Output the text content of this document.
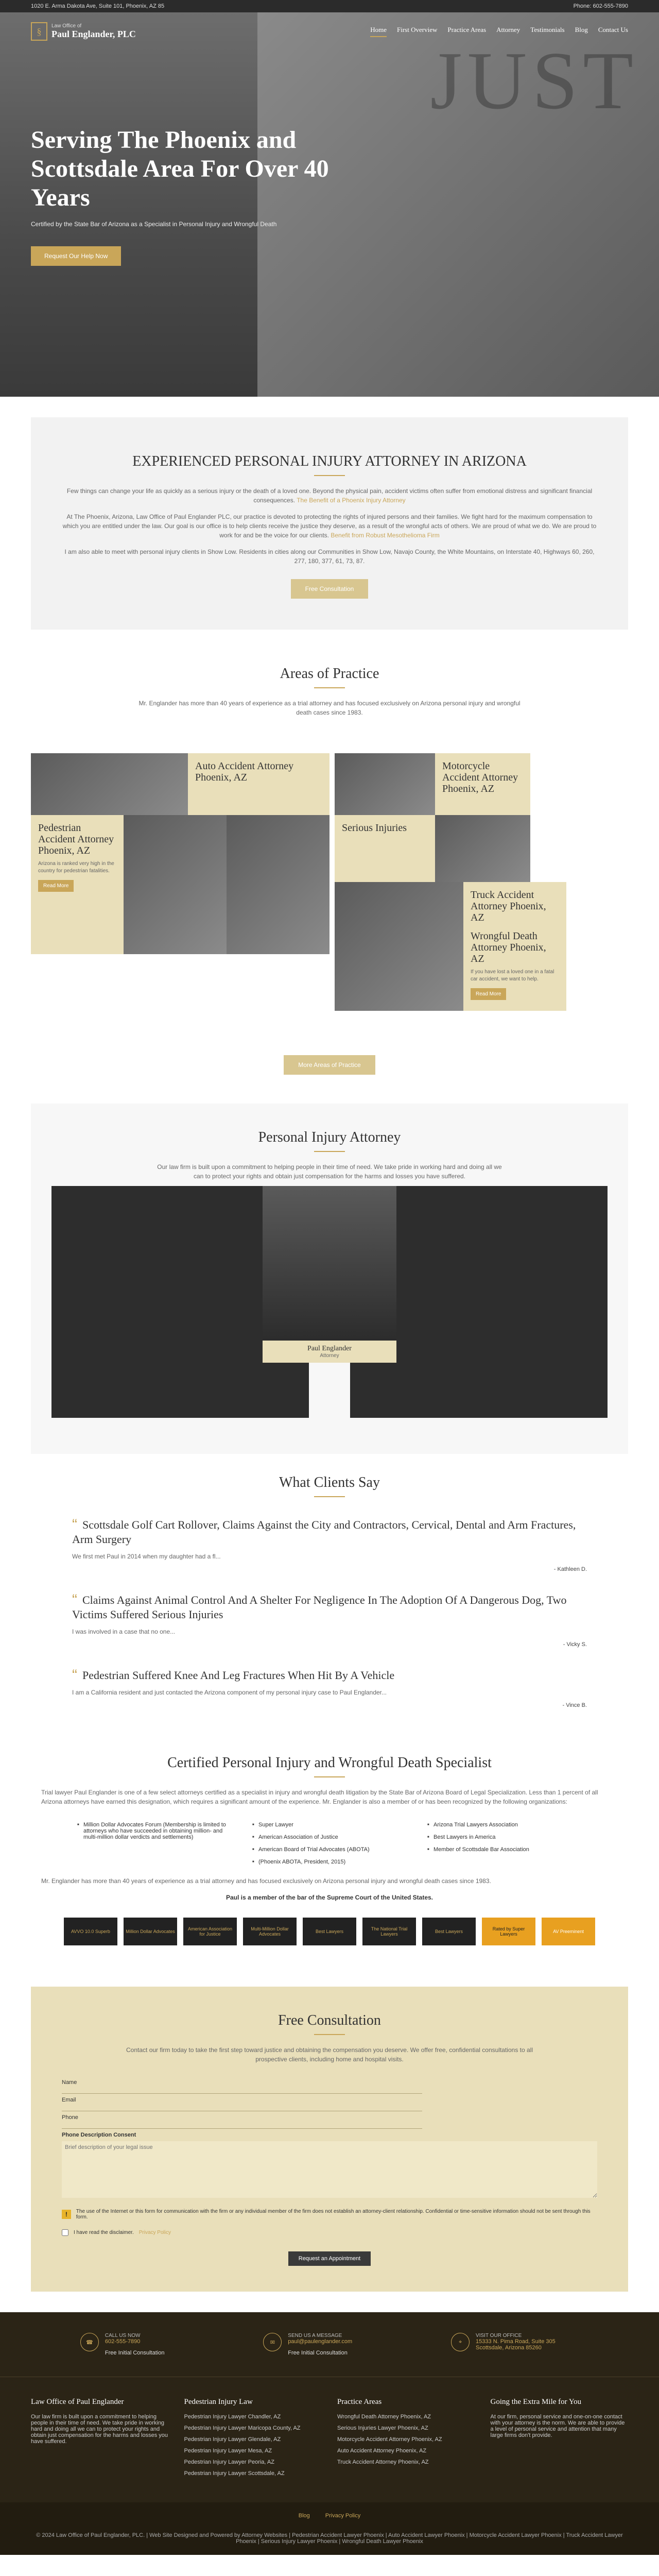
1020 E. Arma Dakota Ave, Suite 101, Phoenix, AZ 85	Phone: 602-555-7890
JUST
§	Law Office of
Paul Englander, PLC	Home First Overview Practice Areas Attorney Testimonials Blog Contact Us
Serving The Phoenix and Scottsdale Area For Over 40 Years

Certified by the State Bar of Arizona as a Specialist in Personal Injury and Wrongful Death

Request Our Help Now
EXPERIENCED PERSONAL INJURY ATTORNEY IN ARIZONA

Few things can change your life as quickly as a serious injury or the death of a loved one. Beyond the physical pain, accident victims often suffer from emotional distress and significant financial consequences. The Benefit of a Phoenix Injury Attorney

At The Phoenix, Arizona, Law Office of Paul Englander PLC, our practice is devoted to protecting the rights of injured persons and their families. We fight hard for the maximum compensation to which you are entitled under the law. Our goal is our office is to help clients receive the justice they deserve, as a result of the wrongful acts of others. We are proud of what we do. We are proud to work for and be the voice for our clients. Benefit from Robust Mesothelioma Firm

I am also able to meet with personal injury clients in Show Low. Residents in cities along our Communities in Show Low, Navajo County, the White Mountains, on Interstate 40, Highways 60, 260, 277, 180, 377, 61, 73, 87.

Free Consultation
Areas of Practice

Mr. Englander has more than 40 years of experience as a trial attorney and has focused exclusively on Arizona personal injury and wrongful death cases since 1983.

Auto Accident Attorney Phoenix, AZ
Pedestrian Accident Attorney Phoenix, AZ

Arizona is ranked very high in the country for pedestrian fatalities.

Read More
Motorcycle Accident Attorney Phoenix, AZ
Serious Injuries
Truck Accident Attorney Phoenix, AZ
Wrongful Death Attorney Phoenix, AZ

If you have lost a loved one in a fatal car accident, we want to help.

Read More
More Areas of Practice
Personal Injury Attorney

Our law firm is built upon a commitment to helping people in their time of need. We take pride in working hard and doing all we can to protect your rights and obtain just compensation for the harms and losses you have suffered.

Paul Englander
Attorney
What Clients Say
“ Scottsdale Golf Cart Rollover, Claims Against the City and Contractors, Cervical, Dental and Arm Fractures, Arm Surgery

We first met Paul in 2014 when my daughter had a fl...

- Kathleen D.
“ Claims Against Animal Control And A Shelter For Negligence In The Adoption Of A Dangerous Dog, Two Victims Suffered Serious Injuries

I was involved in a case that no one...

- Vicky S.
“ Pedestrian Suffered Knee And Leg Fractures When Hit By A Vehicle

I am a California resident and just contacted the Arizona component of my personal injury case to Paul Englander...

- Vince B.
Certified Personal Injury and Wrongful Death Specialist

Trial lawyer Paul Englander is one of a few select attorneys certified as a specialist in injury and wrongful death litigation by the State Bar of Arizona Board of Legal Specialization. Less than 1 percent of all Arizona attorneys have earned this designation, which requires a significant amount of the experience. Mr. Englander is also a member of or has been recognized by the following organizations:

■ Million Dollar Advocates Forum (Membership is limited to attorneys who have succeeded in obtaining million- and multi-million dollar verdicts and settlements)
■ Super Lawyer
■ American Association of Justice
■ American Board of Trial Advocates (ABOTA)
■ (Phoenix ABOTA, President, 2015)
■ Arizona Trial Lawyers Association
■ Best Lawyers in America
■ Member of Scottsdale Bar Association

Mr. Englander has more than 40 years of experience as a trial attorney and has focused exclusively on Arizona personal injury and wrongful death cases since 1983.

Paul is a member of the bar of the Supreme Court of the United States.

AVVO 10.0 Superb	Million Dollar Advocates	American Association for Justice
Multi-Million Dollar Advocates	Best Lawyers	The National Trial Lawyers	Best Lawyers	Rated by Super Lawyers	AV Preeminent
Free Consultation

Contact our firm today to take the first step toward justice and obtaining the compensation you deserve. We offer free, confidential consultations to all prospective clients, including home and hospital visits.

Name
Email
Phone
Phone Description Consent
Brief description of your legal issue
!	The use of the Internet or this form for communication with the firm or any individual member of the firm does not establish an attorney-client relationship. Confidential or time-sensitive information should not be sent through this form.
I have read the disclaimer. Privacy Policy
Request an Appointment
☎
CALL US NOW
602-555-7890
Free Initial Consultation
✉
SEND US A MESSAGE
paul@paulenglander.com
Free Initial Consultation
⌖
VISIT OUR OFFICE
15333 N. Pima Road, Suite 305 Scottsdale, Arizona 85260
Law Office of Paul Englander
Our law firm is built upon a commitment to helping people in their time of need. We take pride in working hard and doing all we can to protect your rights and obtain just compensation for the harms and losses you have suffered.
Pedestrian Injury Law
Pedestrian Injury Lawyer Chandler, AZ
Pedestrian Injury Lawyer Maricopa County, AZ
Pedestrian Injury Lawyer Glendale, AZ
Pedestrian Injury Lawyer Mesa, AZ
Pedestrian Injury Lawyer Peoria, AZ
Pedestrian Injury Lawyer Scottsdale, AZ
Practice Areas
Wrongful Death Attorney Phoenix, AZ
Serious Injuries Lawyer Phoenix, AZ
Motorcycle Accident Attorney Phoenix, AZ
Auto Accident Attorney Phoenix, AZ
Truck Accident Attorney Phoenix, AZ
Going the Extra Mile for You
At our firm, personal service and one-on-one contact with your attorney is the norm. We are able to provide a level of personal service and attention that many large firms don't provide.
Blog	Privacy Policy
© 2024 Law Office of Paul Englander, PLC. | Web Site Designed and Powered by Attorney Websites | Pedestrian Accident Lawyer Phoenix | Auto Accident Lawyer Phoenix | Motorcycle Accident Lawyer Phoenix | Truck Accident Lawyer Phoenix | Serious Injury Lawyer Phoenix | Wrongful Death Lawyer Phoenix
